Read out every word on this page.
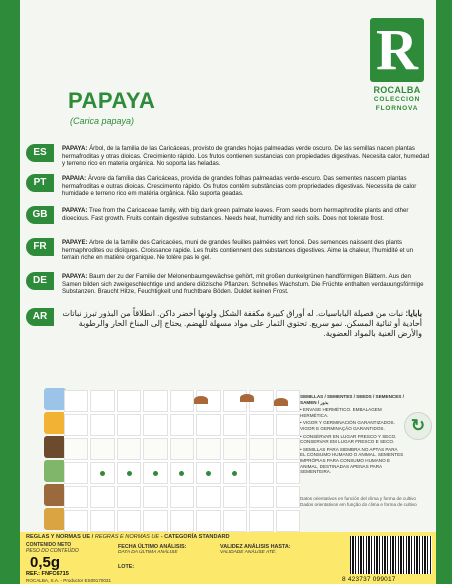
R
ROCALBA
COLECCION
FLORNOVA
PAPAYA
(Carica papaya)
ES	PAPAYA: Árbol, de la familia de las Caricáceas, provisto de grandes hojas palmeadas verde oscuro. De las semillas nacen plantas hermafroditas y otras dioicas. Crecimiento rápido. Los frutos contienen sustancias con propiedades digestivas. Necesita calor, humedad y terreno rico en materia orgánica. No soporta las heladas.
PT	PAPAIA: Árvore da família das Caricáceas, provida de grandes folhas palmeadas verde-escuro. Das sementes nascem plantas hermafroditas e outras dioicas. Crescimento rápido. Os frutos contêm substâncias com propriedades digestivas. Necessita de calor humidade e terreno rico em matéria orgânica. Não suporta geadas.
GB	PAPAYA: Tree from the Caricaceae family, with big dark green palmate leaves. From seeds born hermaphrodite plants and other dioecious. Fast growth. Fruits contain digestive substances. Needs heat, humidity and rich soils. Does not tolerate frost.
FR	PAPAYE: Arbre de la famille des Caricacées, muni de grandes feuilles palmées vert foncé. Des semences naissent des plants hermaphrodites ou dioïques. Croissance rapide. Les fruits contiennent des substances digestives. Aime la chaleur, l'humidité et un terrain riche en matière organique. Ne tolère pas le gel.
DE	PAPAYA: Baum der zu der Familie der Melonenbaumgewächse gehört, mit großen dunkelgrünen handförmigen Blättern. Aus den Samen bilden sich zweigeschlechtige und andere diözische Pflanzen. Schnelles Wachstum. Die Früchte enthalten verdauungsförmige Substanzen. Braucht Hitze, Feuchtigkeit und fruchtbare Böden. Duldet keinen Frost.
AR	بابايا: نبات من فصيلة الباباسيات. له أوراق كبيرة مكففة الشكل ولونها أخضر داكن. انطلاقاً من البذور تبرز نباتات أحادية أو ثنائية المسكن. نمو سريع. تحتوي الثمار على مواد مسهلة للهضم. يحتاج إلى المناخ الحار والرطوبة والأرض الغنية بالمواد العضوية.

SEMILLAS / SEMENTES / SEEDS / SEMENCES / SAMEN / بذور

• ENVASE HERMÉTICO. EMBALAGEM HERMÉTICA.

• VIGOR Y GERMINACIÓN GARANTIZADOS. VIGOR E GERMINAÇÃO GARANTIDOS.

• CONSÉRVAR EN LUGAR FRESCO Y SECO. CONSERVAR EM LUGAR FRESCO E SECO.

• SEMILLAS PARA SIEMBRA NO APTAS PARA EL CONSUMO HUMANO O ANIMAL. SEMENTES IMPRÓPIAS PARA CONSUMO HUMANO E ANIMAL, DESTINADAS APENAS PARA SEMENTEIRA.

↻
Datos orientativos en función del clima y forma de cultivo
Dados orientativos em função do clima e forma de cultivo
REGLAS Y NORMAS UE / REGRAS E NORMAS UE - CATEGORÍA STANDARD
CONTENIDO NETO
PESO DO CONTEÚDO
0,5g
REF.: FNFC6715
ROCALBA, S.A. - Productor ES09170031
FECHA ÚLTIMO ANÁLISIS:
DATA DA ÚLTIMA ANÁLISE
VALIDEZ ANÁLISIS HASTA:
VALIDADE ANÁLISE ATÉ:
LOTE:
8 423737 099017
